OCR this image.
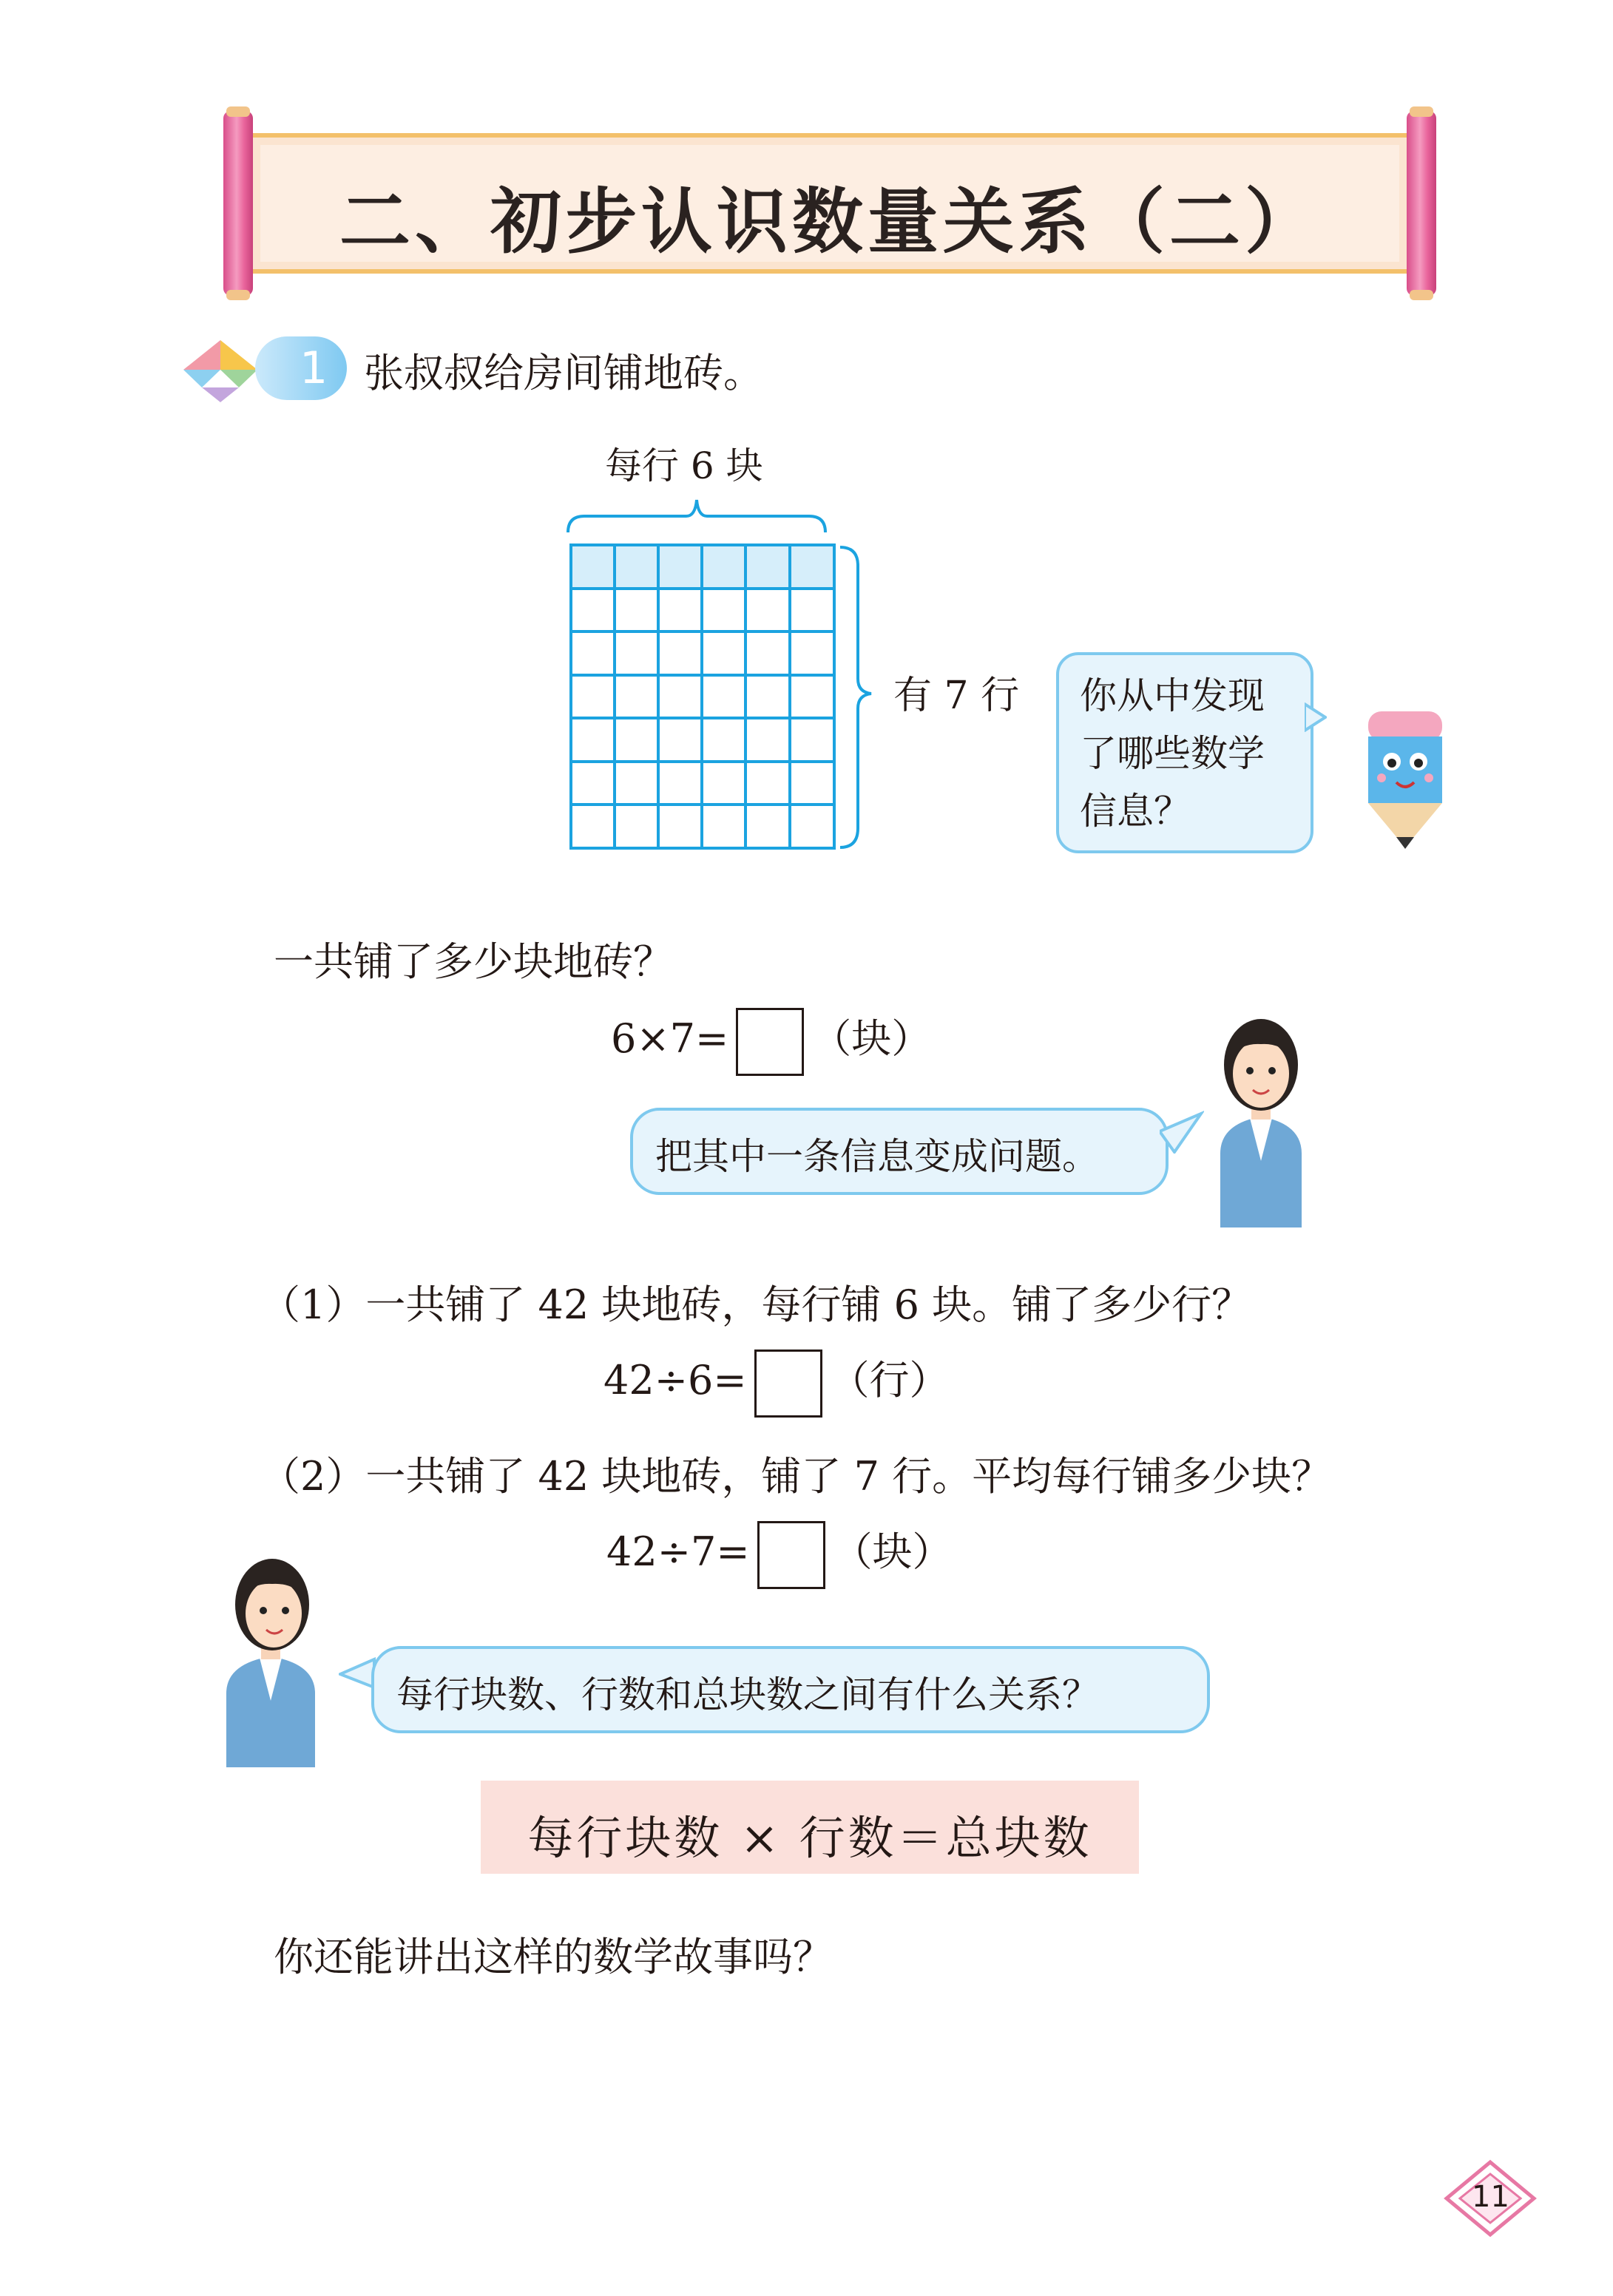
二、初步认识数量关系（二）
1 张叔叔给房间铺地砖。
每行 6 块
有 7 行 你从中发现
了哪些数学
信息？
一共铺了多少块地砖？
6×7= （块）
把其中一条信息变成问题。
（1）一共铺了 42 块地砖，每行铺 6 块。铺了多少行？
42÷6= （行）
（2）一共铺了 42 块地砖，铺了 7 行。平均每行铺多少块？
42÷7= （块）
每行块数、行数和总块数之间有什么关系？
每行块数 × 行数＝总块数
你还能讲出这样的数学故事吗？
11
